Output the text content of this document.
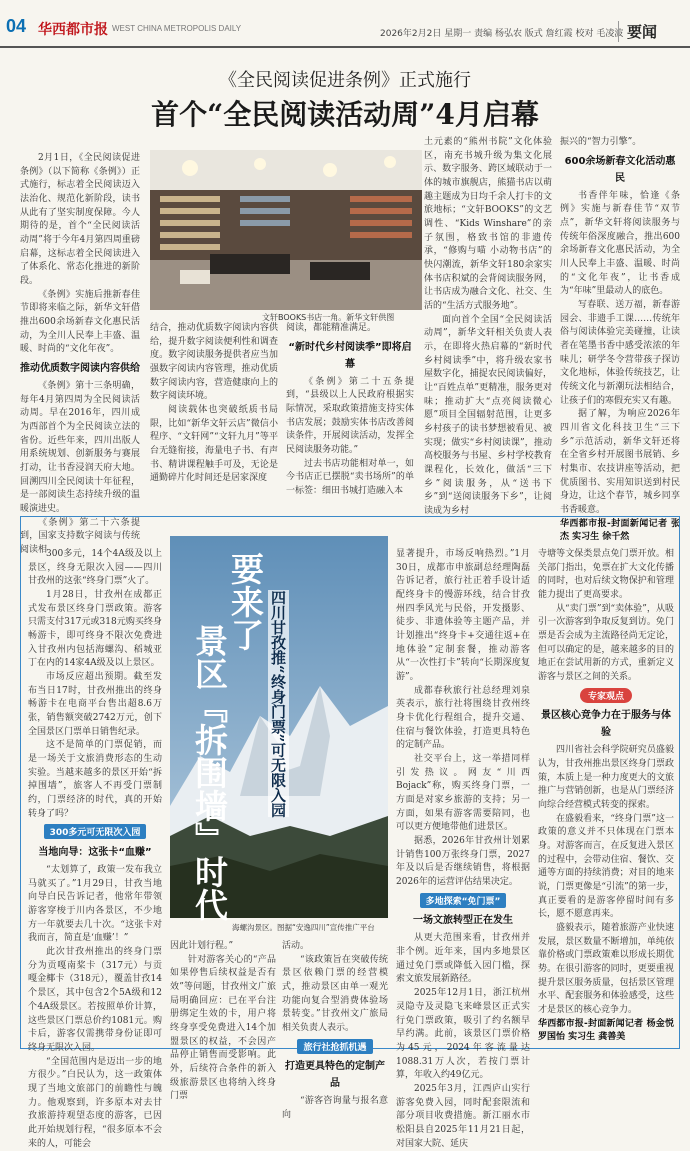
04 华西都市报 WEST CHINA METROPOLIS DAILY
2026年2月2日 星期一 责编 杨弘农 版式 詹红霞 校对 毛凌波 要闻
《全民阅读促进条例》正式施行
首个“全民阅读活动周”4月启幕

2月1日，《全民阅读促进条例》（以下简称《条例》）正式施行，标志着全民阅读迈入法治化、规范化新阶段，读书从此有了坚实制度保障。今人期待的是，首个“全民阅读活动周”将于今年4月第四周重磅启幕，这标志着全民阅读进入了体系化、常态化推进的新阶段。

《条例》实施后推新春佳节即将来临之际，新华文轩借推出600余场新春文化惠民活动，为全川人民奉上丰盛、温暖、时尚的“文化年夜”。

推动优质数字阅读内容供给

《条例》第十三条明确，每年4月第四周为全民阅读活动周。早在2016年，四川成为西部首个为全民阅读立法的省份。近些年来，四川出版人用系统规划、创新服务与赛展打动，让书香浸润天府大地。回溯四川全民阅读十年征程，是一部阅读生态持续升级的温暖演进史。

《条例》第二十六条提到，国家支持数字阅读与传统阅读相

文轩BOOKS书店一角。新华文轩供图

结合，推动优质数字阅读内容供给，提升数字阅读便利性和调查度。数字阅读服务提供者应当加强数字阅读内容管理，推动优质数字阅读内容，营造健康向上的数字阅读环境。

阅读载体也突破纸质书局限，比如“新华文轩云店”微信小程序、“文轩网”“文轩九月”等平台无缝衔接，海量电子书、有声书、精讲课程触手可及，无论是通勤碎片化时间还是居家深度

阅读，都能精准满足。

“新时代乡村阅读季”即将启幕

《条例》第二十五条提到，“县级以上人民政府根据实际情况，采取政策措施支持实体书店发展；鼓励实体书店改善阅读条件，开展阅读活动，发挥全民阅读服务功能。”

过去书店功能相对单一，如今书店正已摆脱“卖书场所”的单一标签：细田书城打造融入本

土元素的“熊州书院”文化体验区，南充书城升级为集文化展示、数字服务、跨区域联动于一体的城市旗舰店，熊猫书店以萌趣主题成为日均千余人打卡的文旅地标；“文轩BOOKS”的文艺调性、“Kids Winshare”的亲子氛围，格致书馆的非遗传承，“修购与喵 小动物书店”的快闪潮流，新华文轩180余家实体书店积斌的会背阅读服务网，让书店成为融合文化、社交、生活的“生活方式服务地”。

面向首个全国“全民阅读活动周”，新华文轩相关负责人表示，在即将火热启幕的“新时代乡村阅读季”中，将升级农家书屋数字化，捕捉农民阅读偏好，让“百姓点单”更精准，服务更对味；推动扩大“点亮阅读微心愿”项目全国辐射范围，让更多乡村孩子的读书梦想被看见、被实现；做实“乡村阅读课”，推动高校服务与书屋、乡村学校教育课程化，长效化，做活“三下乡”阅读服务，从“送书下乡”到“送阅读服务下乡”，让阅读成为乡村

振兴的“智力引擎”。

600余场新春文化活动惠民

书香伴年味，恰逢《条例》实施与新春佳节“双节点”，新华文轩将阅读服务与传统年俗深度融合，推出600余场新春文化惠民活动，为全川人民奉上丰盛、温暖、时尚的“文化年夜”，让书香成为“年味”里最动人的底色。

写春联、送万福，新春游园会、非遗手工课……传统年俗与阅读体验完美碰撞，让读者在笔墨书香中感受浓浓的年味儿；研学冬令营带孩子探访文化地标，体验传统技艺，让传统文化与新潮玩法相结合，让孩子们的寒假充实又有趣。

据了解，为响应2026年四川省文化科技卫生“三下乡”示范活动，新华文轩还将在全省乡村开展图书展销、乡村集市、农技讲座等活动，把优质图书、实用知识送到村民身边，让这个春节，城乡同享书香暖意。

华西都市报-封面新闻记者 张杰 实习生 徐千然

300多元，14个4A级及以上景区，终身无限次入园——四川甘孜州的这张“终身门票”火了。

1月28日，甘孜州在成都正式发布景区终身门票政策。游客只需支付317元或318元购买终身畅游卡，即可终身不限次免费进入甘孜州内包括海螺沟、稻城亚丁在内的14家4A级及以上景区。

市场反应超出预期。截至发布当日17时，甘孜州推出的终身畅游卡在电商平台售出超8.6万张，销售额突破2742万元，创下全国景区门票单日销售纪录。

这不是简单的门票促销，而是一场关于文旅消费形态的生动实验。当越来越多的景区开始“拆掉围墙”，旅客人不再受门票制约，门票经济的时代，真的开始转身了吗？

300多元可无限次入园

当地向导：这张卡“血赚”

“太划算了，政策一发布我立马就买了。”1月29日，甘孜当地向导白民告诉记者，他常年带领游客穿梭于川内各景区，不少地方一年就要去几十次。“这张卡对我而言，简直是‘血赚’！”

此次甘孜州推出的终身门票分为贡嘎南桨卡（317元）与贡嘎金椰卡（318元），覆盖甘孜14个景区，其中包含2个5A级和12个4A级景区。若按照单价计算，这些景区门票总价约1081元。购卡后，游客仅需携带身份证即可终身无限次入园。

“全国范围内是迈出一步的地方很少。”白民认为，这一政策体现了当地文旅部门的前瞻性与魄力。他观察到，许多原本对去甘孜旅游持观望态度的游客，已因此开始规划行程，“很多原本不会来的人，可能会

要来了
景区『拆围墙』时代	四川甘孜推“终身门票”可无限入园
海螺沟景区。图据“安逸四川”宣传推广平台

因此计划行程。”

针对游客关心的“产品如果停售后续权益是否有效”等问题，甘孜州文广旅局明确回应：已在平台注册绑定生效的卡，用户将终身享受免费进入14个加盟景区的权益，不会因产品停止销售而受影响。此外，后续符合条件的新入级旅游景区也将纳入终身门票

活动。

“该政策旨在突破传统景区依赖门票的经营模式，推动景区由单一观光功能向复合型消费体验场景转变。”甘孜州文广旅局相关负责人表示。

旅行社抢抓机遇

打造更具特色的定制产品

“游客咨询量与报名意向

显著提升，市场反响热烈。”1月30日，成都市申旅副总经理陶磊告诉记者，旅行社正着手设计适配终身卡的慢游环线，结合甘孜州四季风光与民俗，开发摄影、徒步、非遗体验等主题产品，并计划推出“终身卡+交通往返+在地体验”定制套餐，推动游客从“一次性打卡”转向“长期深度复游”。

成都春秋旅行社总经理刘泉英表示，旅行社将围绕甘孜州终身卡优化行程组合，提升交通、住宿与餐饮体验，打造更具特色的定制产品。

社交平台上，这一举措同样引发热议。网友“川西Bojack”称，购买终身门票，一方面是对家乡旅游的支持；另一方面，如果有游客需要陪同，也可以更方便地带他们进景区。

据悉，2026年甘孜州计划累计销售100万张终身门票，2027年及以后是否继续销售，将根据2026年的运营评估结果决定。

多地探索“免门票”

一场文旅转型正在发生

从更大范围来看，甘孜州并非个例。近年来，国内多地景区通过免门票或降低入园门槛，探索文旅发展新路径。

2025年12月1日，浙江杭州灵隐寺及灵隐飞来峰景区正式实行免门票政策，吸引了约名额早早约满。此前，该景区门票价格为45元，2024年客流量达1088.31万人次，若按门票计算，年收入约49亿元。

2025年3月，江西庐山实行游客免费入园，同时配套限流和部分项目收费措施。新江丽水市松阳县自2025年11月21日起，对国家大院、延庆

寺塘等文保类景点免门票开放。相关部门指出，免票在扩大文化传播的同时，也对后续文物保护和管理能力提出了更高要求。

从“卖门票”到“卖体验”，从吸引一次游客到争取反复到访。免门票是否会成为主流路径尚无定论，但可以确定的是，越来越多的目的地正在尝试用新的方式，重新定义游客与景区之间的关系。

专家观点

景区核心竞争力在于服务与体验

四川省社会科学院研究员盛毅认为，甘孜州推出景区终身门票政策，本质上是一种力度更大的文旅推广与营销创新，也是从门票经济向综合经营模式转变的探索。

在盛毅看来，“终身门票”这一政策的意义并不只体现在门票本身。对游客而言，在反复进入景区的过程中，会带动住宿、餐饮、交通等方面的持续消费；对目的地来说，门票更像是“引流”的第一步，真正要看的是游客停留时间有多长，愿不愿意再来。

盛毅表示，随着旅游产业快速发展，景区数量不断增加，单纯依靠价格或门票政策难以形成长期优势。在很引游客的同时，更要重视提升景区服务质量，包括景区管理水平、配套服务和体验感受，这些才是景区的核心竞争力。

华西都市报-封面新闻记者 杨金悦 罗国怡 实习生 龚善美
